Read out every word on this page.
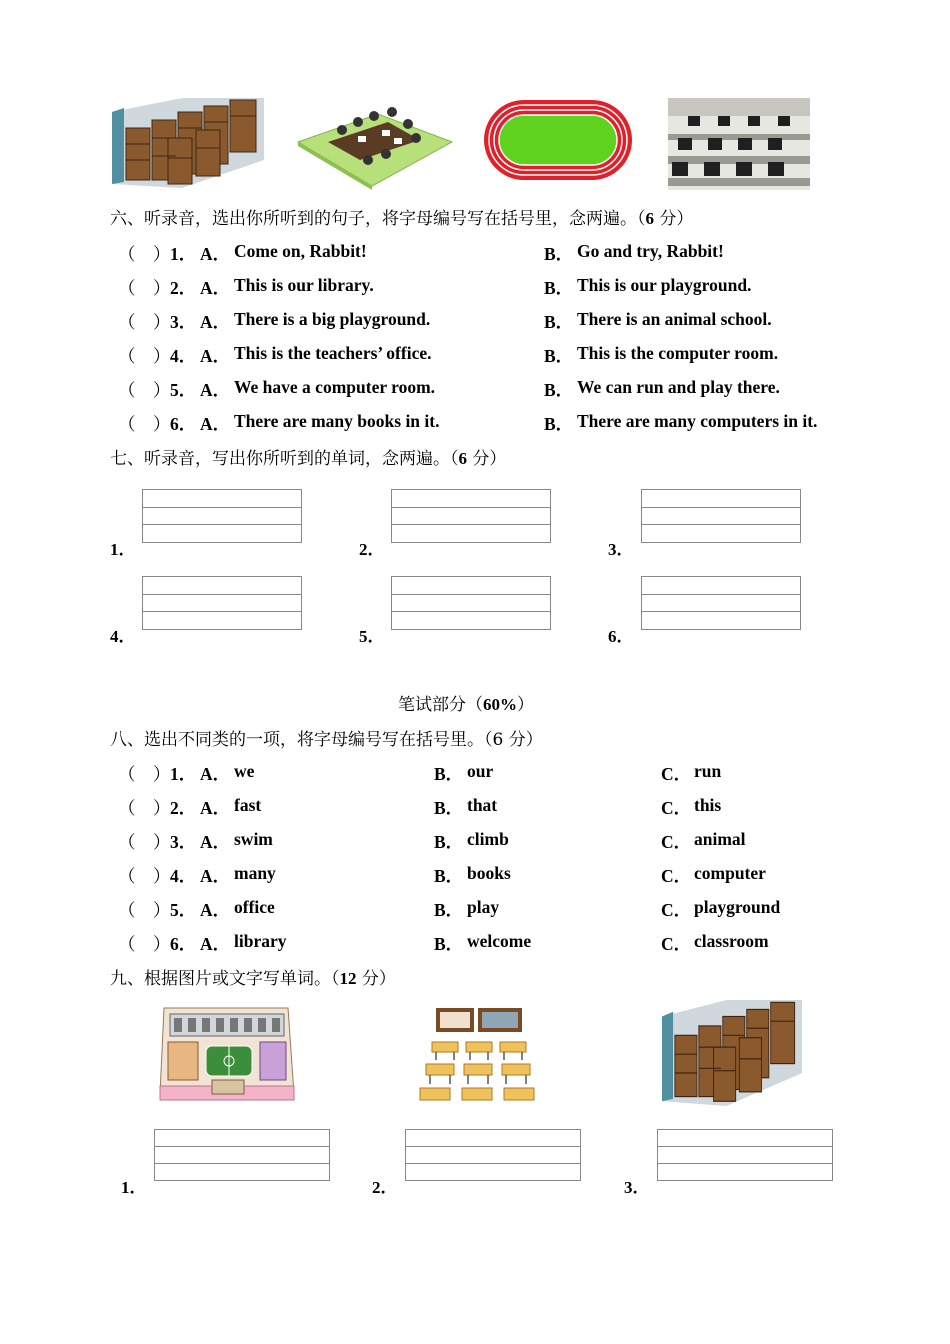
六、听录音，选出你所听到的句子，将字母编号写在括号里，念两遍。（6 分）
（　） 1． A． Come on, Rabbit!	B． Go and try, Rabbit!
（　） 2． A． This is our library.	B． This is our playground.
（　） 3． A． There is a big playground.	B． There is an animal school.
（　） 4． A． This is the teachers’ office.	B． This is the computer room.
（　） 5． A． We have a computer room.	B． We can run and play there.
（　） 6． A． There are many books in it.	B． There are many computers in it.
七、听录音，写出你所听到的单词，念两遍。（6 分）
1．	2．	3．
4．	5．	6．
笔试部分（60%）
八、选出不同类的一项，将字母编号写在括号里。（6 分）
（　） 1． A． we	B． our	C． run
（　） 2． A． fast	B． that	C． this
（　） 3． A． swim	B． climb	C． animal
（　） 4． A． many	B． books	C． computer
（　） 5． A． office	B． play	C． playground
（　） 6． A． library	B． welcome	C． classroom
九、根据图片或文字写单词。（12 分）
1．	2．	3．
